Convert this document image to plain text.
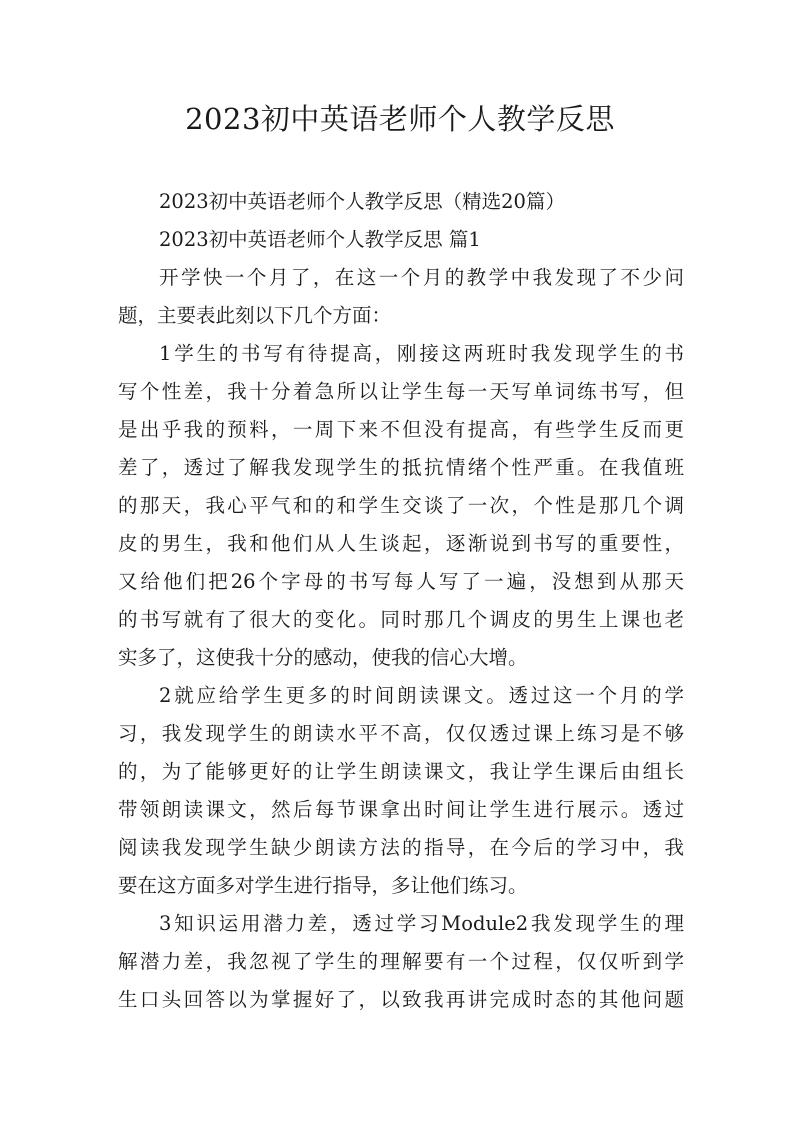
2023初中英语老师个人教学反思
2023初中英语老师个人教学反思（精选20篇）
2023初中英语老师个人教学反思 篇1
开学快一个月了，在这一个月的教学中我发现了不少问
题，主要表此刻以下几个方面：
1学生的书写有待提高，刚接这两班时我发现学生的书
写个性差，我十分着急所以让学生每一天写单词练书写，但
是出乎我的预料，一周下来不但没有提高，有些学生反而更
差了，透过了解我发现学生的抵抗情绪个性严重。在我值班
的那天，我心平气和的和学生交谈了一次，个性是那几个调
皮的男生，我和他们从人生谈起，逐渐说到书写的重要性，
又给他们把26个字母的书写每人写了一遍，没想到从那天
的书写就有了很大的变化。同时那几个调皮的男生上课也老
实多了，这使我十分的感动，使我的信心大增。
2就应给学生更多的时间朗读课文。透过这一个月的学
习，我发现学生的朗读水平不高，仅仅透过课上练习是不够
的，为了能够更好的让学生朗读课文，我让学生课后由组长
带领朗读课文，然后每节课拿出时间让学生进行展示。透过
阅读我发现学生缺少朗读方法的指导，在今后的学习中，我
要在这方面多对学生进行指导，多让他们练习。
3知识运用潜力差，透过学习Module2我发现学生的理
解潜力差，我忽视了学生的理解要有一个过程，仅仅听到学
生口头回答以为掌握好了，以致我再讲完成时态的其他问题
